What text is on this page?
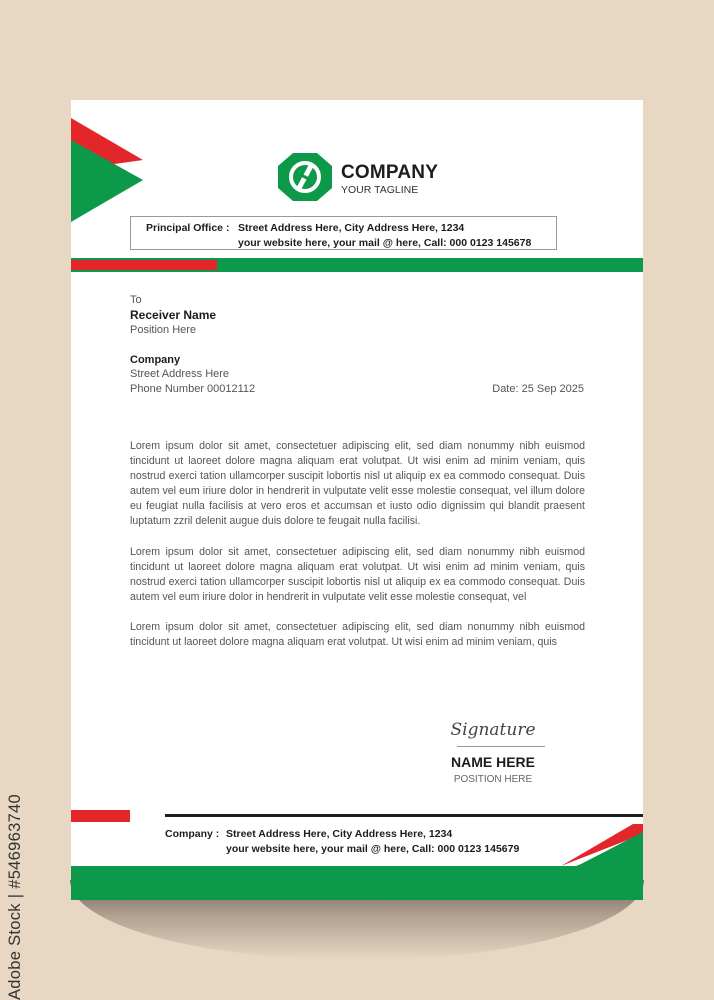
COMPANY
YOUR TAGLINE
Principal Office : Street Address Here, City Address Here, 1234
your website here, your mail @ here, Call: 000 0123 145678
To
Receiver Name
Position Here
Company
Street Address Here
Phone Number 00012112	Date: 25 Sep 2025

Lorem ipsum dolor sit amet, consectetuer adipiscing elit, sed diam nonummy nibh euismod tincidunt ut laoreet dolore magna aliquam erat volutpat. Ut wisi enim ad minim veniam, quis nostrud exerci tation ullamcorper suscipit lobortis nisl ut aliquip ex ea commodo consequat. Duis autem vel eum iriure dolor in hendrerit in vulputate velit esse molestie consequat, vel illum dolore eu feugiat nulla facilisis at vero eros et accumsan et iusto odio dignissim qui blandit praesent luptatum zzril delenit augue duis dolore te feugait nulla facilisi.

Lorem ipsum dolor sit amet, consectetuer adipiscing elit, sed diam nonummy nibh euismod tincidunt ut laoreet dolore magna aliquam erat volutpat. Ut wisi enim ad minim veniam, quis nostrud exerci tation ullamcorper suscipit lobortis nisl ut aliquip ex ea commodo consequat. Duis autem vel eum iriure dolor in hendrerit in vulputate velit esse molestie consequat, vel

Lorem ipsum dolor sit amet, consectetuer adipiscing elit, sed diam nonummy nibh euismod tincidunt ut laoreet dolore magna aliquam erat volutpat. Ut wisi enim ad minim veniam, quis

Signature
NAME HERE
POSITION HERE
Company : Street Address Here, City Address Here, 1234
your website here, your mail @ here, Call: 000 0123 145679
Adobe Stock | #546963740
